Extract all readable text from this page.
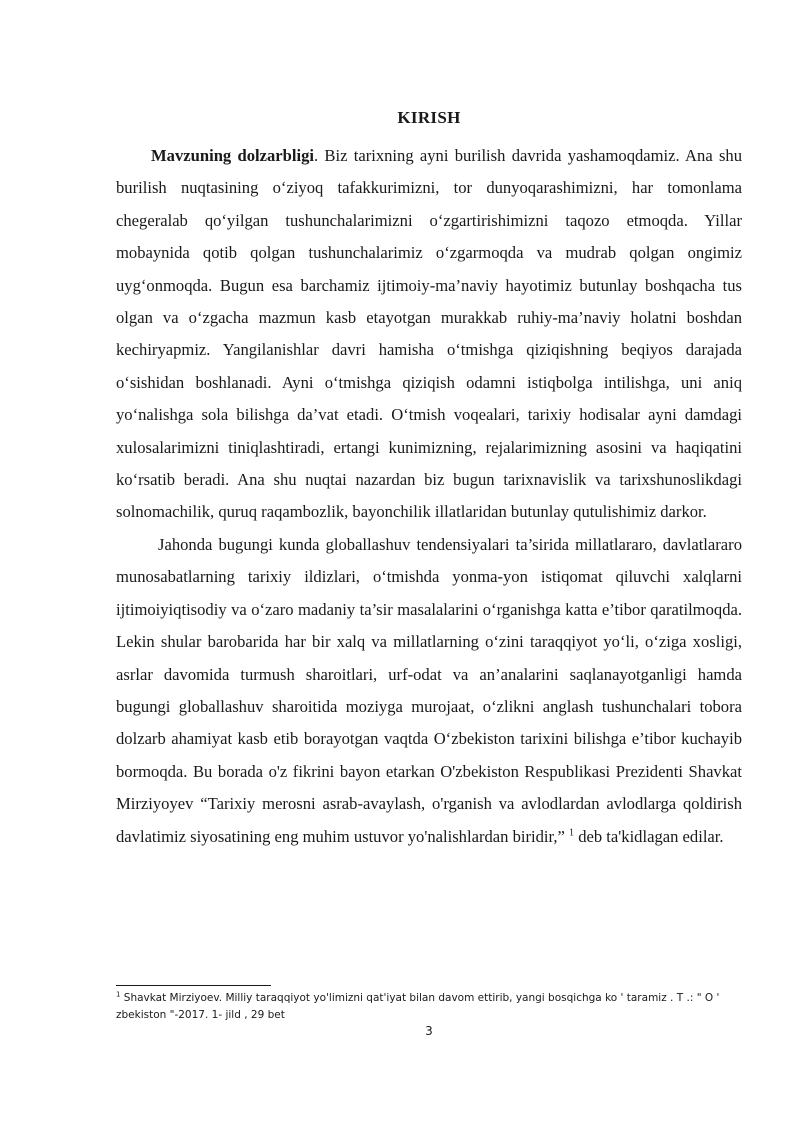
KIRISH

Mavzuning dolzarbligi. Biz tarixning ayni burilish davrida yashamoqdamiz. Ana shu burilish nuqtasining o‘ziyoq tafakkurimizni, tor dunyoqarashimizni, har tomonlama chegeralab qo‘yilgan tushunchalarimizni o‘zgartirishimizni taqozo etmoqda. Yillar mobaynida qotib qolgan tushunchalarimiz o‘zgarmoqda va mudrab qolgan ongimiz uyg‘onmoqda. Bugun esa barchamiz ijtimoiy-ma’naviy hayotimiz butunlay boshqacha tus olgan va o‘zgacha mazmun kasb etayotgan murakkab ruhiy-ma’naviy holatni boshdan kechiryapmiz. Yangilanishlar davri hamisha o‘tmishga qiziqishning beqiyos darajada o‘sishidan boshlanadi. Ayni o‘tmishga qiziqish odamni istiqbolga intilishga, uni aniq yo‘nalishga sola bilishga da’vat etadi. O‘tmish voqealari, tarixiy hodisalar ayni damdagi xulosalarimizni tiniqlashtiradi, ertangi kunimizning, rejalarimizning asosini va haqiqatini ko‘rsatib beradi. Ana shu nuqtai nazardan biz bugun tarixnavislik va tarixshunoslikdagi solnomachilik, quruq raqambozlik, bayonchilik illatlaridan butunlay qutulishimiz darkor.

Jahonda bugungi kunda globallashuv tendensiyalari ta’sirida millatlararo, davlatlararo munosabatlarning tarixiy ildizlari, o‘tmishda yonma-yon istiqomat qiluvchi xalqlarni ijtimoiyiqtisodiy va o‘zaro madaniy ta’sir masalalarini o‘rganishga katta e’tibor qaratilmoqda. Lekin shular barobarida har bir xalq va millatlarning o‘zini taraqqiyot yo‘li, o‘ziga xosligi, asrlar davomida turmush sharoitlari, urf-odat va an’analarini saqlanayotganligi hamda bugungi globallashuv sharoitida moziyga murojaat, o‘zlikni anglash tushunchalari tobora dolzarb ahamiyat kasb etib borayotgan vaqtda O‘zbekiston tarixini bilishga e’tibor kuchayib bormoqda. Bu borada o'z fikrini bayon etarkan O'zbekiston Respublikasi Prezidenti Shavkat Mirziyoyev “Tarixiy merosni asrab-avaylash, o'rganish va avlodlardan avlodlarga qoldirish davlatimiz siyosatining eng muhim ustuvor yo'nalishlardan biridir,” $^1$ deb ta'kidlagan edilar.

$^1$ Shavkat Mirziyoev. Milliy taraqqiyot yo'limizni qat'iyat bilan davom ettirib, yangi bosqichga ko ' taramiz . T .: " O ' zbekiston "-2017. 1- jild , 29 bet
3
